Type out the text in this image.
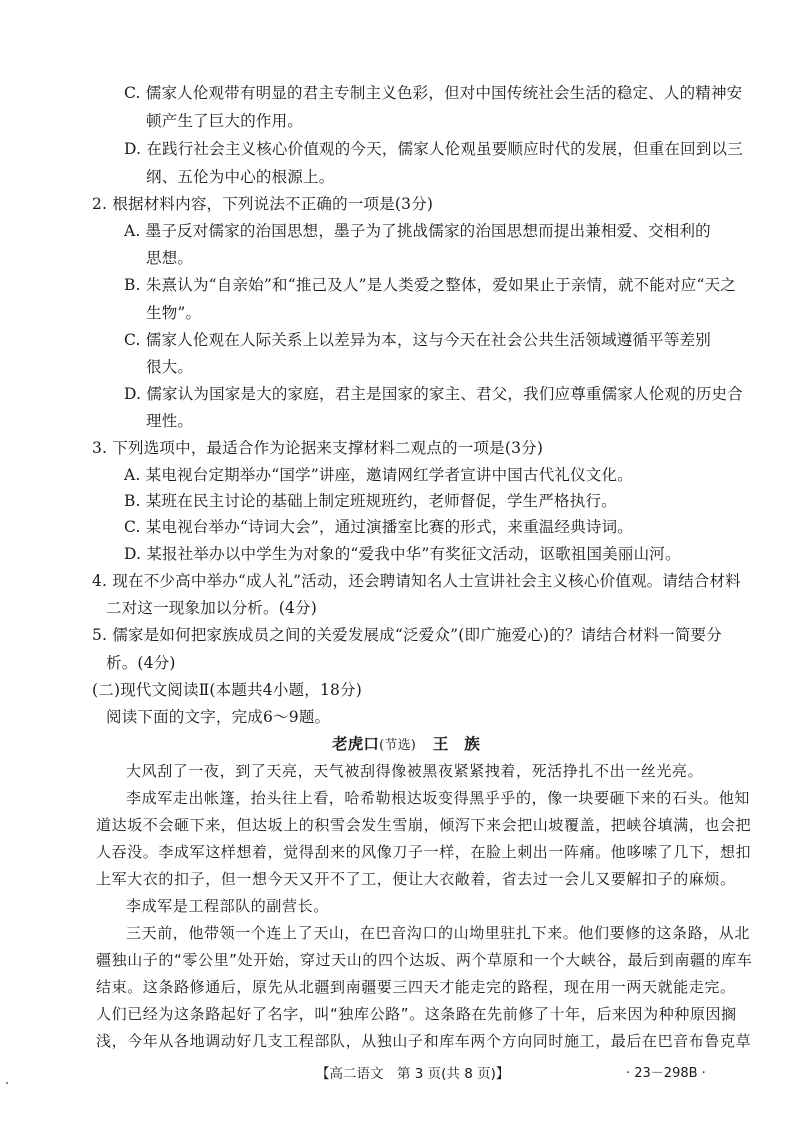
C. 儒家人伦观带有明显的君主专制主义色彩，但对中国传统社会生活的稳定、人的精神安
顿产生了巨大的作用。
D. 在践行社会主义核心价值观的今天，儒家人伦观虽要顺应时代的发展，但重在回到以三
纲、五伦为中心的根源上。
2. 根据材料内容，下列说法不正确的一项是(3分)
A. 墨子反对儒家的治国思想，墨子为了挑战儒家的治国思想而提出兼相爱、交相利的
思想。
B. 朱熹认为“自亲始”和“推己及人”是人类爱之整体，爱如果止于亲情，就不能对应“天之
生物”。
C. 儒家人伦观在人际关系上以差异为本，这与今天在社会公共生活领域遵循平等差别
很大。
D. 儒家认为国家是大的家庭，君主是国家的家主、君父，我们应尊重儒家人伦观的历史合
理性。
3. 下列选项中，最适合作为论据来支撑材料二观点的一项是(3分)
A. 某电视台定期举办“国学”讲座，邀请网红学者宣讲中国古代礼仪文化。
B. 某班在民主讨论的基础上制定班规班约，老师督促，学生严格执行。
C. 某电视台举办“诗词大会”，通过演播室比赛的形式，来重温经典诗词。
D. 某报社举办以中学生为对象的“爱我中华”有奖征文活动，讴歌祖国美丽山河。
4. 现在不少高中举办“成人礼”活动，还会聘请知名人士宣讲社会主义核心价值观。请结合材料
二对这一现象加以分析。(4分)
5. 儒家是如何把家族成员之间的关爱发展成“泛爱众”(即广施爱心)的？请结合材料一简要分
析。(4分)
(二)现代文阅读Ⅱ(本题共4小题，18分)
阅读下面的文字，完成6～9题。
大风刮了一夜，到了天亮，天气被刮得像被黑夜紧紧拽着，死活挣扎不出一丝光亮。
李成军走出帐篷，抬头往上看，哈希勒根达坂变得黑乎乎的，像一块要砸下来的石头。他知
道达坂不会砸下来，但达坂上的积雪会发生雪崩，倾泻下来会把山坡覆盖，把峡谷填满，也会把
人吞没。李成军这样想着，觉得刮来的风像刀子一样，在脸上刺出一阵痛。他哆嗦了几下，想扣
上军大衣的扣子，但一想今天又开不了工，便让大衣敞着，省去过一会儿又要解扣子的麻烦。
李成军是工程部队的副营长。
三天前，他带领一个连上了天山，在巴音沟口的山坳里驻扎下来。他们要修的这条路，从北
疆独山子的“零公里”处开始，穿过天山的四个达坂、两个草原和一个大峡谷，最后到南疆的库车
结束。这条路修通后，原先从北疆到南疆要三四天才能走完的路程，现在用一两天就能走完。
人们已经为这条路起好了名字，叫“独库公路”。这条路在先前修了十年，后来因为种种原因搁
浅，今年从各地调动好几支工程部队，从独山子和库车两个方向同时施工，最后在巴音布鲁克草
老虎口(节选) 王　族
【高二语文　第 3 页(共 8 页)】	· 23－298B ·
